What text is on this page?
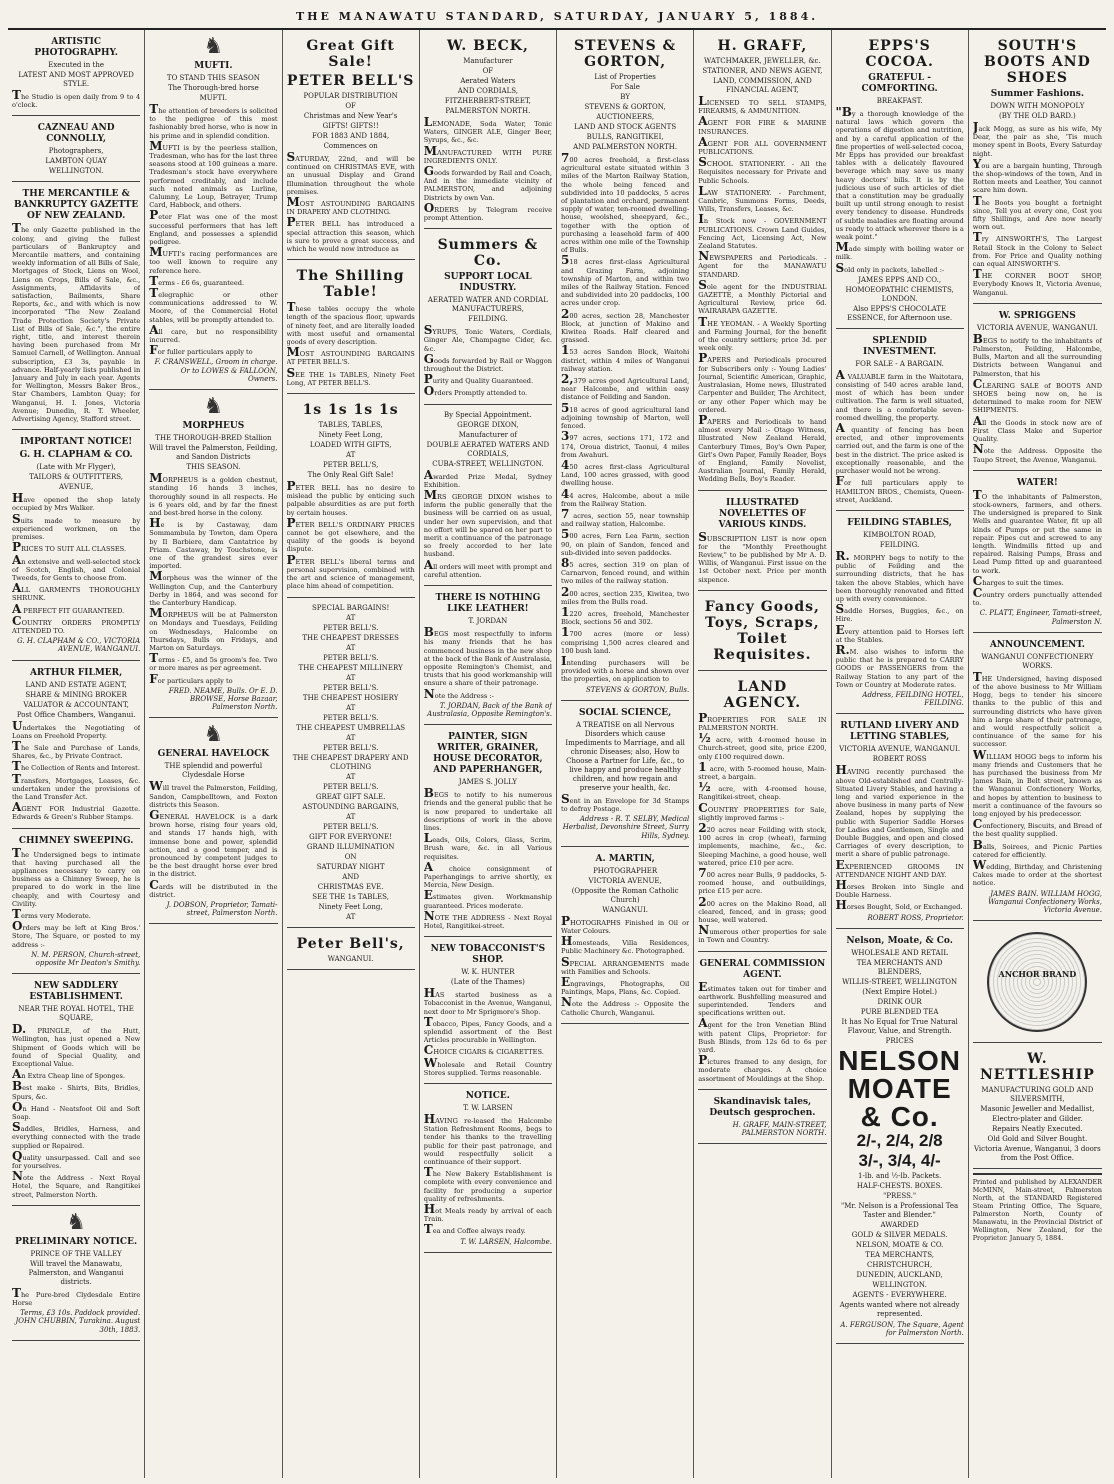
THE MANAWATU STANDARD, SATURDAY, JANUARY 5, 1884.
ARTISTIC PHOTOGRAPHY.
Executed in the
LATEST AND MOST APPROVED STYLE.
The Studio is open daily from 9 to 4 o'clock.
CAZNEAU AND CONNOLLY,
Photographers,
LAMBTON QUAY
WELLINGTON.
THE MERCANTILE & BANKRUPTCY GAZETTE OF NEW ZEALAND.
The only Gazette published in the colony, and giving the fullest particulars of Bankruptcy and Mercantile matters, and containing weekly information of all Bills of Sale, Mortgages of Stock, Liens on Wool, Liens on Crops, Bills of Sale, &c., Assignments, Affidavits of satisfaction, Bailments, Share Reports, &c., and with which is now incorporated "The New Zealand Trade Protection Society's Private List of Bills of Sale, &c.", the entire right, title, and interest therein having been purchased from Mr Samuel Carnell, of Wellington. Annual subscription, £3 3s, payable in advance. Half-yearly lists published in January and July in each year. Agents for Wellington, Messrs Baker Bros., Star Chambers, Lambton Quay; for Wanganui, H. I. Jones, Victoria Avenue; Dunedin, R. T. Wheeler, Advertising Agency, Stafford street.
IMPORTANT NOTICE!
G. H. CLAPHAM & CO.
(Late with Mr Flyger),
TAILORS & OUTFITTERS,
AVENUE,
Have opened the shop lately occupied by Mrs Walker.
Suits made to measure by experienced workmen, on the premises.
PRICES TO SUIT ALL CLASSES.
An extensive and well-selected stock of Scotch, English, and Colonial Tweeds, for Gents to choose from.
ALL GARMENTS THOROUGHLY SHRUNK.
A PERFECT FIT GUARANTEED.
COUNTRY ORDERS PROMPTLY ATTENDED TO.
G. H. CLAPHAM & CO., VICTORIA AVENUE, WANGANUI.
ARTHUR FILMER,
LAND AND ESTATE AGENT,
SHARE & MINING BROKER
VALUATOR & ACCOUNTANT,
Post Office Chambers, Wanganui.
Undertakes the Negotiating of Loans on Freehold Property.
The Sale and Purchase of Lands, Shares, &c., by Private Contract.
The Collection of Rents and Interest.
Transfers, Mortgages, Leases, &c. undertaken under the provisions of the Land Transfer Act.
AGENT FOR Industrial Gazette. Edwards & Green's Rubber Stamps.
CHIMNEY SWEEPING.
The Undersigned begs to intimate that having purchased all the appliances necessary to carry on business as a Chimney Sweep, he is prepared to do work in the line cheaply, and with Courtesy and Civility.
Terms very Moderate.
Orders may be left at King Bros.' Store, The Square, or posted to my address :-
N. M. PERSON, Church-street, opposite Mr Deaton's Smithy.
NEW SADDLERY ESTABLISHMENT.
NEAR THE ROYAL HOTEL, THE SQUARE,
D. PRINGLE, of the Hutt, Wellington, has just opened a New Shipment of Goods which will be found of Special Quality, and Exceptional Value.
An Extra Cheap line of Sponges.
Best make - Shirts, Bits, Bridles, Spurs, &c.
On Hand - Neatsfoot Oil and Soft Soap.
Saddles, Bridles, Harness, and everything connected with the trade supplied or Repaired.
Quality unsurpassed. Call and see for yourselves.
Note the Address - Next Royal Hotel, the Square, and Rangitikei street, Palmerston North.
♞
PRELIMINARY NOTICE.
PRINCE OF THE VALLEY
Will travel the Manawatu, Palmerston, and Wanganui districts.
The Pure-bred Clydesdale Entire Horse
Terms, £3 10s. Paddock provided. JOHN CHUBBIN, Turakina. August 30th, 1883.
♞
MUFTI.
TO STAND THIS SEASON
The Thorough-bred horse
MUFTI.
The attention of breeders is solicited to the pedigree of this most fashionably bred horse, who is now in his prime and in splendid condition.
MUFTI is by the peerless stallion, Tradesman, who has for the last three seasons stood at 100 guineas a mare. Tradesman's stock have everywhere performed creditably, and include such noted animals as Lurline, Calumny, Le Loup, Betrayer, Trump Card, Habbock, and others.
Peter Flat was one of the most successful performers that has left England, and possesses a splendid pedigree.
MUFTI's racing performances are too well known to require any reference here.
Terms - £6 6s, guaranteed.
Telegraphic or other communications addressed to W. Moore, of the Commercial Hotel stables, will be promptly attended to.
All care, but no responsibility incurred.
For fuller particulars apply to
F. CRANSWELL, Groom in charge. Or to LOWES & FALLOON, Owners.
♞
MORPHEUS
THE THOROUGH-BRED Stallion
Will travel the Palmerston, Feilding, and Sandon Districts
THIS SEASON.
MORPHEUS is a golden chestnut, standing 16 hands 3 inches, thoroughly sound in all respects. He is 6 years old, and by far the finest and best-bred horse in the colony.
He is by Castaway, dam Sommambula by Towton, dam Opera by Il Barbiere, dam Cantatrice by Priam. Castaway, by Touchstone, is one of the grandest sires ever imported.
Morpheus was the winner of the Wellington Cup, and the Canterbury Derby in 1864, and was second for the Canterbury Handicap.
MORPHEUS will be at Palmerston on Mondays and Tuesdays, Feilding on Wednesdays, Halcombe on Thursdays, Bulls on Fridays, and Marton on Saturdays.
Terms - £5, and 5s groom's fee. Two or more mares as per agreement.
For particulars apply to
FRED. NEAME, Bulls. Or E. D. BROWSE, Horse Bazaar, Palmerston North.
♞
GENERAL HAVELOCK
THE splendid and powerful Clydesdale Horse
Will travel the Palmerston, Feilding, Sandon, Campbelltown, and Foxton districts this Season.
GENERAL HAVELOCK is a dark brown horse, rising four years old, and stands 17 hands high, with immense bone and power, splendid action, and a good temper, and is pronounced by competent judges to be the best draught horse ever bred in the district.
Cards will be distributed in the district.
J. DOBSON, Proprietor, Tamati-street, Palmerston North.
Great Gift Sale!
PETER BELL'S
POPULAR DISTRIBUTION
OF
Christmas and New Year's
GIFTS! GIFTS!!
FOR 1883 AND 1884,
Commences on
SATURDAY, 22nd, and will be continued on CHRISTMAS EVE, with an unusual Display and Grand Illumination throughout the whole premises.
MOST ASTOUNDING BARGAINS IN DRAPERY AND CLOTHING.
PETER BELL has introduced a special attraction this season, which is sure to prove a great success, and which he would now introduce as
The Shilling Table!
These tables occupy the whole length of the spacious floor, upwards of ninety feet, and are literally loaded with most useful and ornamental goods of every description.
MOST ASTOUNDING BARGAINS AT PETER BELL'S.
SEE THE 1s TABLES, Ninety Feet Long, AT PETER BELL'S.
1s 1s 1s 1s
TABLES, TABLES,
Ninety Feet Long,
LOADED WITH GIFTS,
AT
PETER BELL'S,
The Only Real Gift Sale!
PETER BELL has no desire to mislead the public by enticing such palpable absurdities as are put forth by certain houses.
PETER BELL'S ORDINARY PRICES cannot be got elsewhere, and the quality of the goods is beyond dispute.
PETER BELL's liberal terms and personal supervision, combined with the art and science of management, place him ahead of competition.
SPECIAL BARGAINS!
AT
PETER BELL'S.
THE CHEAPEST DRESSES
AT
PETER BELL'S.
THE CHEAPEST MILLINERY
AT
PETER BELL'S.
THE CHEAPEST HOSIERY
AT
PETER BELL'S.
THE CHEAPEST UMBRELLAS
AT
PETER BELL'S.
THE CHEAPEST DRAPERY AND CLOTHING
AT
PETER BELL'S.
GREAT GIFT SALE.
ASTOUNDING BARGAINS,
AT
PETER BELL'S.
GIFT FOR EVERYONE!
GRAND ILLUMINATION
ON
SATURDAY NIGHT
AND
CHRISTMAS EVE.
SEE THE 1s TABLES,
Ninety Feet Long,
AT
Peter Bell's,
WANGANUI.
W. BECK,
Manufacturer
OF
Aerated Waters
AND CORDIALS,
FITZHERBERT-STREET,
PALMERSTON NORTH.
LEMONADE, Soda Water, Tonic Waters, GINGER ALE, Ginger Beer, Syrups, &c., &c.
MANUFACTURED WITH PURE INGREDIENTS ONLY.
Goods forwarded by Rail and Coach, And in the immediate vicinity of PALMERSTON, and adjoining Districts by own Van.
ORDERS by Telegram receive prompt Attention.
Summers & Co.
SUPPORT LOCAL INDUSTRY.
AERATED WATER AND CORDIAL MANUFACTURERS,
FEILDING.
SYRUPS, Tonic Waters, Cordials, Ginger Ale, Champagne Cider, &c. &c.
Goods forwarded by Rail or Waggon throughout the District.
Purity and Quality Guaranteed.
Orders Promptly attended to.
By Special Appointment.
GEORGE DIXON,
Manufacturer of
DOUBLE AERATED WATERS AND CORDIALS,
CUBA-STREET, WELLINGTON.
Awarded Prize Medal, Sydney Exhibition.
MRS GEORGE DIXON wishes to inform the public generally that the business will be carried on as usual, under her own supervision, and that no effort will be spared on her part to merit a continuance of the patronage so freely accorded to her late husband.
All orders will meet with prompt and careful attention.
THERE IS NOTHING LIKE LEATHER!
T. JORDAN
BEGS most respectfully to inform his many friends that he has commenced business in the new shop at the back of the Bank of Australasia, opposite Remington's Chemist, and trusts that his good workmanship will ensure a share of their patronage.
Note the Address :-
T. JORDAN, Back of the Bank of Australasia, Opposite Remington's.
PAINTER, SIGN WRITER, GRAINER, HOUSE DECORATOR, AND PAPERHANGER,
JAMES S. JOLLY
BEGS to notify to his numerous friends and the general public that he is now prepared to undertake all descriptions of work in the above lines.
Leads, Oils, Colors, Glass, Scrim, Brush ware, &c. in all Various requisites.
A choice consignment of Paperhangings to arrive shortly, ex Mercia, New Design.
Estimates given. Workmanship guaranteed. Prices moderate.
NOTE THE ADDRESS - Next Royal Hotel, Rangitikei-street.
NEW TOBACCONIST'S SHOP.
W. K. HUNTER
(Late of the Thames)
HAS started business as a Tobacconist in the Avenue, Wanganui, next door to Mr Sprigmore's Shop.
Tobacco, Pipes, Fancy Goods, and a splendid assortment of the Best Articles procurable in Wellington.
CHOICE CIGARS & CIGARETTES.
Wholesale and Retail Country Stores supplied. Terms reasonable.
NOTICE.
T. W. LARSEN
HAVING re-leased the Halcombe Station Refreshment Rooms, begs to tender his thanks to the travelling public for their past patronage, and would respectfully solicit a continuance of their support.
The New Bakery Establishment is complete with every convenience and facility for producing a superior quality of refreshments.
Hot Meals ready by arrival of each Train.
Tea and Coffee always ready.
T. W. LARSEN, Halcombe.
STEVENS & GORTON,
List of Properties
For Sale
BY
STEVENS & GORTON,
AUCTIONEERS,
LAND AND STOCK AGENTS
BULLS, RANGITIKEI,
AND PALMERSTON NORTH.
700 acres freehold, a first-class agricultural estate situated within 3 miles of the Marton Railway Station, the whole being fenced and subdivided into 10 paddocks, 5 acres of plantation and orchard, permanent supply of water, ten-roomed dwelling-house, woolshed, sheepyard, &c., together with the option of purchasing a leasehold farm of 400 acres within one mile of the Township of Bulls.
518 acres first-class Agricultural and Grazing Farm, adjoining township of Marton, and within two miles of the Railway Station. Fenced and subdivided into 20 paddocks, 100 acres under crop.
200 acres, section 28, Manchester Block, at junction of Makino and Kiwitea Roads. Half cleared and grassed.
153 acres Sandon Block, Waitohi district, within 4 miles of Wanganui railway station.
2,379 acres good Agricultural Land, near Halcombe, and within easy distance of Feilding and Sandon.
518 acres of good agricultural land adjoining township of Marton, well fenced.
397 acres, sections 171, 172 and 174, Oroua district, Taonui, 4 miles from Awahuri.
450 acres first-class Agricultural Land, 100 acres grassed, with good dwelling house.
44 acres, Halcombe, about a mile from the Railway Station.
7 acres, section 55, near township and railway station, Halcombe.
500 acres, Fern Lea Farm, section 90, on plain of Sandon, fenced and sub-divided into seven paddocks.
85 acres, section 319 on plan of Carnarvon, fenced round, and within two miles of the railway station.
200 acres, section 235, Kiwitea, two miles from the Bulls road.
1220 acres, freehold, Manchester Block, sections 56 and 302.
1700 acres (more or less) comprising 1,500 acres cleared and 100 bush land.
Intending purchasers will be provided with a horse and shown over the properties, on application to
STEVENS & GORTON, Bulls.
SOCIAL SCIENCE,
A TREATISE on all Nervous Disorders which cause Impediments to Marriage, and all chronic Diseases; also, How to Choose a Partner for Life, &c., to live happy and produce healthy children, and how regain and preserve your health, &c.
Sent in an Envelope for 3d Stamps to defray Postage.
Address - R. T. SELBY, Medical Herbalist, Devonshire Street, Surry Hills, Sydney.
A. MARTIN,
PHOTOGRAPHER
VICTORIA AVENUE,
(Opposite the Roman Catholic Church)
WANGANUI.
PHOTOGRAPHS Finished in Oil or Water Colours.
Homesteads, Villa Residences, Public Machinery &c. Photographed.
SPECIAL ARRANGEMENTS made with Families and Schools.
Engravings, Photographs, Oil Paintings, Maps, Plans, &c. Copied.
Note the Address :- Opposite the Catholic Church, Wanganui.
H. GRAFF,
WATCHMAKER, JEWELLER, &c.
STATIONER, AND NEWS AGENT,
LAND, COMMISSION, AND FINANCIAL AGENT,
LICENSED TO SELL STAMPS, FIREARMS, & AMMUNITION.
AGENT FOR FIRE & MARINE INSURANCES.
AGENT FOR ALL GOVERNMENT PUBLICATIONS.
SCHOOL STATIONERY. - All the Requisites necessary for Private and Public Schools.
LAW STATIONERY. - Parchment, Cambric, Summons Forms, Deeds, Wills, Transfers, Leases, &c.
In Stock now - GOVERNMENT PUBLICATIONS. Crown Land Guides, Fencing Act, Licensing Act, New Zealand Statutes.
NEWSPAPERS and Periodicals. - Agent for the MANAWATU STANDARD.
Sole agent for the INDUSTRIAL GAZETTE, a Monthly Pictorial and Agricultural Review, price 6d. WAIRARAPA GAZETTE.
THE YEOMAN. - A Weekly Sporting and Farming Journal, for the benefit of the country settlers; price 3d. per week only.
PAPERS and Periodicals procured for Subscribers only :- Young Ladies' Journal, Scientific American, Graphic, Australasian, Home news, Illustrated Carpenter and Builder, The Architect, or any other Paper which may be ordered.
PAPERS and Periodicals to hand almost every Mail :- Otago Witness, Illustrated New Zealand Herald, Canterbury Times, Boy's Own Paper, Girl's Own Paper, Family Reader, Boys of England, Family Novelist, Australian Journal, Family Herald, Wedding Bells, Boy's Reader.
ILLUSTRATED NOVELETTES OF VARIOUS KINDS.
SUBSCRIPTION LIST is now open for the "Monthly Freethought Review," to be published by Mr A. D. Willis, of Wanganui. First issue on the 1st October next. Price per month sixpence.
Fancy Goods, Toys, Scraps, Toilet Requisites.
LAND AGENCY.
PROPERTIES FOR SALE IN PALMERSTON NORTH.
½ acre, with 4-roomed house in Church-street, good site, price £200, only £100 required down.
1 acre, with 5-roomed house, Main-street, a bargain.
½ acre, with 4-roomed house, Rangitikei-street, cheap.
COUNTRY PROPERTIES for Sale, slightly improved farms :-
220 acres near Feilding with stock, 100 acres in crop (wheat), farming implements, machine, &c., &c. Sleeping Machine, a good house, well watered, price £10 per acre.
700 acres near Bulls, 9 paddocks, 5-roomed house, and outbuildings, price £15 per acre.
200 acres on the Makino Road, all cleared, fenced, and in grass; good house, well watered.
Numerous other properties for sale in Town and Country.
GENERAL COMMISSION AGENT.
Estimates taken out for timber and earthwork. Bushfelling measured and superintended. Tenders and specifications written out.
Agent for the Iron Venetian Blind with patent Clips, Proprietor: for Bush Blinds, from 12s 6d to 6s per yard.
Pictures framed to any design, for moderate charges. A choice assortment of Mouldings at the Shop.
Skandinavisk tales, Deutsch gesprochen.
H. GRAFF, MAIN-STREET, PALMERSTON NORTH.
EPPS'S COCOA.
GRATEFUL - COMFORTING.
BREAKFAST.
"By a thorough knowledge of the natural laws which govern the operations of digestion and nutrition, and by a careful application of the fine properties of well-selected cocoa, Mr Epps has provided our breakfast tables with a delicately flavoured beverage which may save us many heavy doctors' bills. It is by the judicious use of such articles of diet that a constitution may be gradually built up until strong enough to resist every tendency to disease. Hundreds of subtle maladies are floating around us ready to attack wherever there is a weak point."
Made simply with boiling water or milk.
Sold only in packets, labelled :-
JAMES EPPS AND CO.,
HOMOEOPATHIC CHEMISTS, LONDON.
Also EPPS'S CHOCOLATE ESSENCE, for Afternoon use.
SPLENDID INVESTMENT.
FOR SALE - A BARGAIN.
A VALUABLE farm in the Waitotara, consisting of 540 acres arable land, most of which has been under cultivation. The farm is well situated, and there is a comfortable seven-roomed dwelling, the property.
A quantity of fencing has been erected, and other improvements carried out, and the farm is one of the best in the district. The price asked is exceptionally reasonable, and the purchaser would not be wrong.
For full particulars apply to HAMILTON BROS., Chemists, Queen-street, Auckland.
FEILDING STABLES,
KIMBOLTON ROAD,
FEILDING.
R. MORPHY begs to notify to the public of Feilding and the surrounding districts, that he has taken the above Stables, which have been thoroughly renovated and fitted up with every convenience.
Saddle Horses, Buggies, &c., on Hire.
Every attention paid to Horses left at the Stables.
R.M. also wishes to inform the public that he is prepared to CARRY GOODS or PASSENGERS from the Railway Station to any part of the Town or Country at Moderate rates.
Address, FEILDING HOTEL, FEILDING.
RUTLAND LIVERY AND LETTING STABLES,
VICTORIA AVENUE, WANGANUI.
ROBERT ROSS
HAVING recently purchased the above Old-established and Centrally-Situated Livery Stables, and having a long and varied experience in the above business in many parts of New Zealand, hopes by supplying the public with Superior Saddle Horses for Ladies and Gentlemen, Single and Double Buggies, and open and closed Carriages of every description, to merit a share of public patronage.
EXPERIENCED GROOMS IN ATTENDANCE NIGHT AND DAY.
Horses Broken into Single and Double Harness.
Horses Bought, Sold, or Exchanged.
ROBERT ROSS, Proprietor.
Nelson, Moate, & Co.
WHOLESALE AND RETAIL
TEA MERCHANTS AND BLENDERS,
WILLIS-STREET, WELLINGTON
(Next Empire Hotel.)
DRINK OUR
PURE BLENDED TEA
It has No Equal for True Natural Flavour, Value, and Strength.
PRICES
NELSON
MOATE
& Co.
2/-, 2/4, 2/8
3/-, 3/4, 4/-
1-lb. and ½-lb. Packets.
HALF-CHESTS. BOXES.
"PRESS."
"Mr. Nelson is a Professional Tea Taster and Blender."
AWARDED
GOLD & SILVER MEDALS.
NELSON, MOATE & CO.
TEA MERCHANTS,
CHRISTCHURCH,
DUNEDIN, AUCKLAND,
WELLINGTON.
AGENTS - EVERYWHERE.
Agents wanted where not already represented.
A. FERGUSON, The Square, Agent for Palmerston North.
SOUTH'S BOOTS AND SHOES
Summer Fashions.
DOWN WITH MONOPOLY
(BY THE OLD BARD.)
Jack Mogg, as sure as his wife, My Dear, the pair as she, 'Tis much money spent in Boots, Every Saturday night.
You are a bargain hunting, Through the shop-windows of the town, And in Rotten meets and Leather, You cannot scare him down.
The Boots you bought a fortnight since, Tell you at every one, Cost you fifty Shillings, and Are now nearly worn out.
Try AINSWORTH'S, The Largest Retail Stock in the Colony to Select from. For Price and Quality nothing can equal AINSWORTH'S.
THE CORNER BOOT SHOP, Everybody Knows It, Victoria Avenue, Wanganui.
W. SPRIGGENS
VICTORIA AVENUE, WANGANUI.
BEGS to notify to the inhabitants of Palmerston, Feilding, Halcombe, Bulls, Marton and all the surrounding Districts between Wanganui and Palmerston, that his
CLEARING SALE of BOOTS AND SHOES being now on, he is determined to make room for NEW SHIPMENTS.
All the Goods in stock now are of First Class Make and Superior Quality.
Note the Address. Opposite the Taupo Street, the Avenue, Wanganui.
WATER!
TO the inhabitants of Palmerston, stock-owners, farmers, and others. The undersigned is prepared to Sink Wells and guarantee Water, fit up all kinds of Pumps or put the same in repair. Pipes cut and screwed to any length. Windmills fitted up and repaired. Raising Pumps, Brass and Lead Pump fitted up and guaranteed to work.
Charges to suit the times.
Country orders punctually attended to.
C. PLATT, Engineer, Tamati-street, Palmerston N.
ANNOUNCEMENT.
WANGANUI CONFECTIONERY WORKS.
THE Undersigned, having disposed of the above business to Mr William Hogg, begs to tender his sincere thanks to the public of this and surrounding districts who have given him a large share of their patronage, and would respectfully solicit a continuance of the same for his successor.
WILLIAM HOGG begs to inform his many friends and Customers that he has purchased the business from Mr James Bain, in Belt street, known as the Wanganui Confectionery Works, and hopes by attention to business to merit a continuance of the favours so long enjoyed by his predecessor.
Confectionery, Biscuits, and Bread of the best quality supplied.
Balls, Soirees, and Picnic Parties catered for efficiently.
Wedding, Birthday, and Christening Cakes made to order at the shortest notice.
JAMES BAIN. WILLIAM HOGG, Wanganui Confectionery Works, Victoria Avenue.
ANCHOR BRAND
W. NETTLESHIP
MANUFACTURING GOLD AND SILVERSMITH,
Masonic Jeweller and Medallist,
Electro-plater and Gilder.
Repairs Neatly Executed.
Old Gold and Silver Bought.
Victoria Avenue, Wanganui, 3 doors from the Post Office.
Printed and published by ALEXANDER McMINN, Main-street, Palmerston North, at the STANDARD Registered Steam Printing Office, The Square, Palmerston North, County of Manawatu, in the Provincial District of Wellington, New Zealand, for the Proprietor. January 5, 1884.
